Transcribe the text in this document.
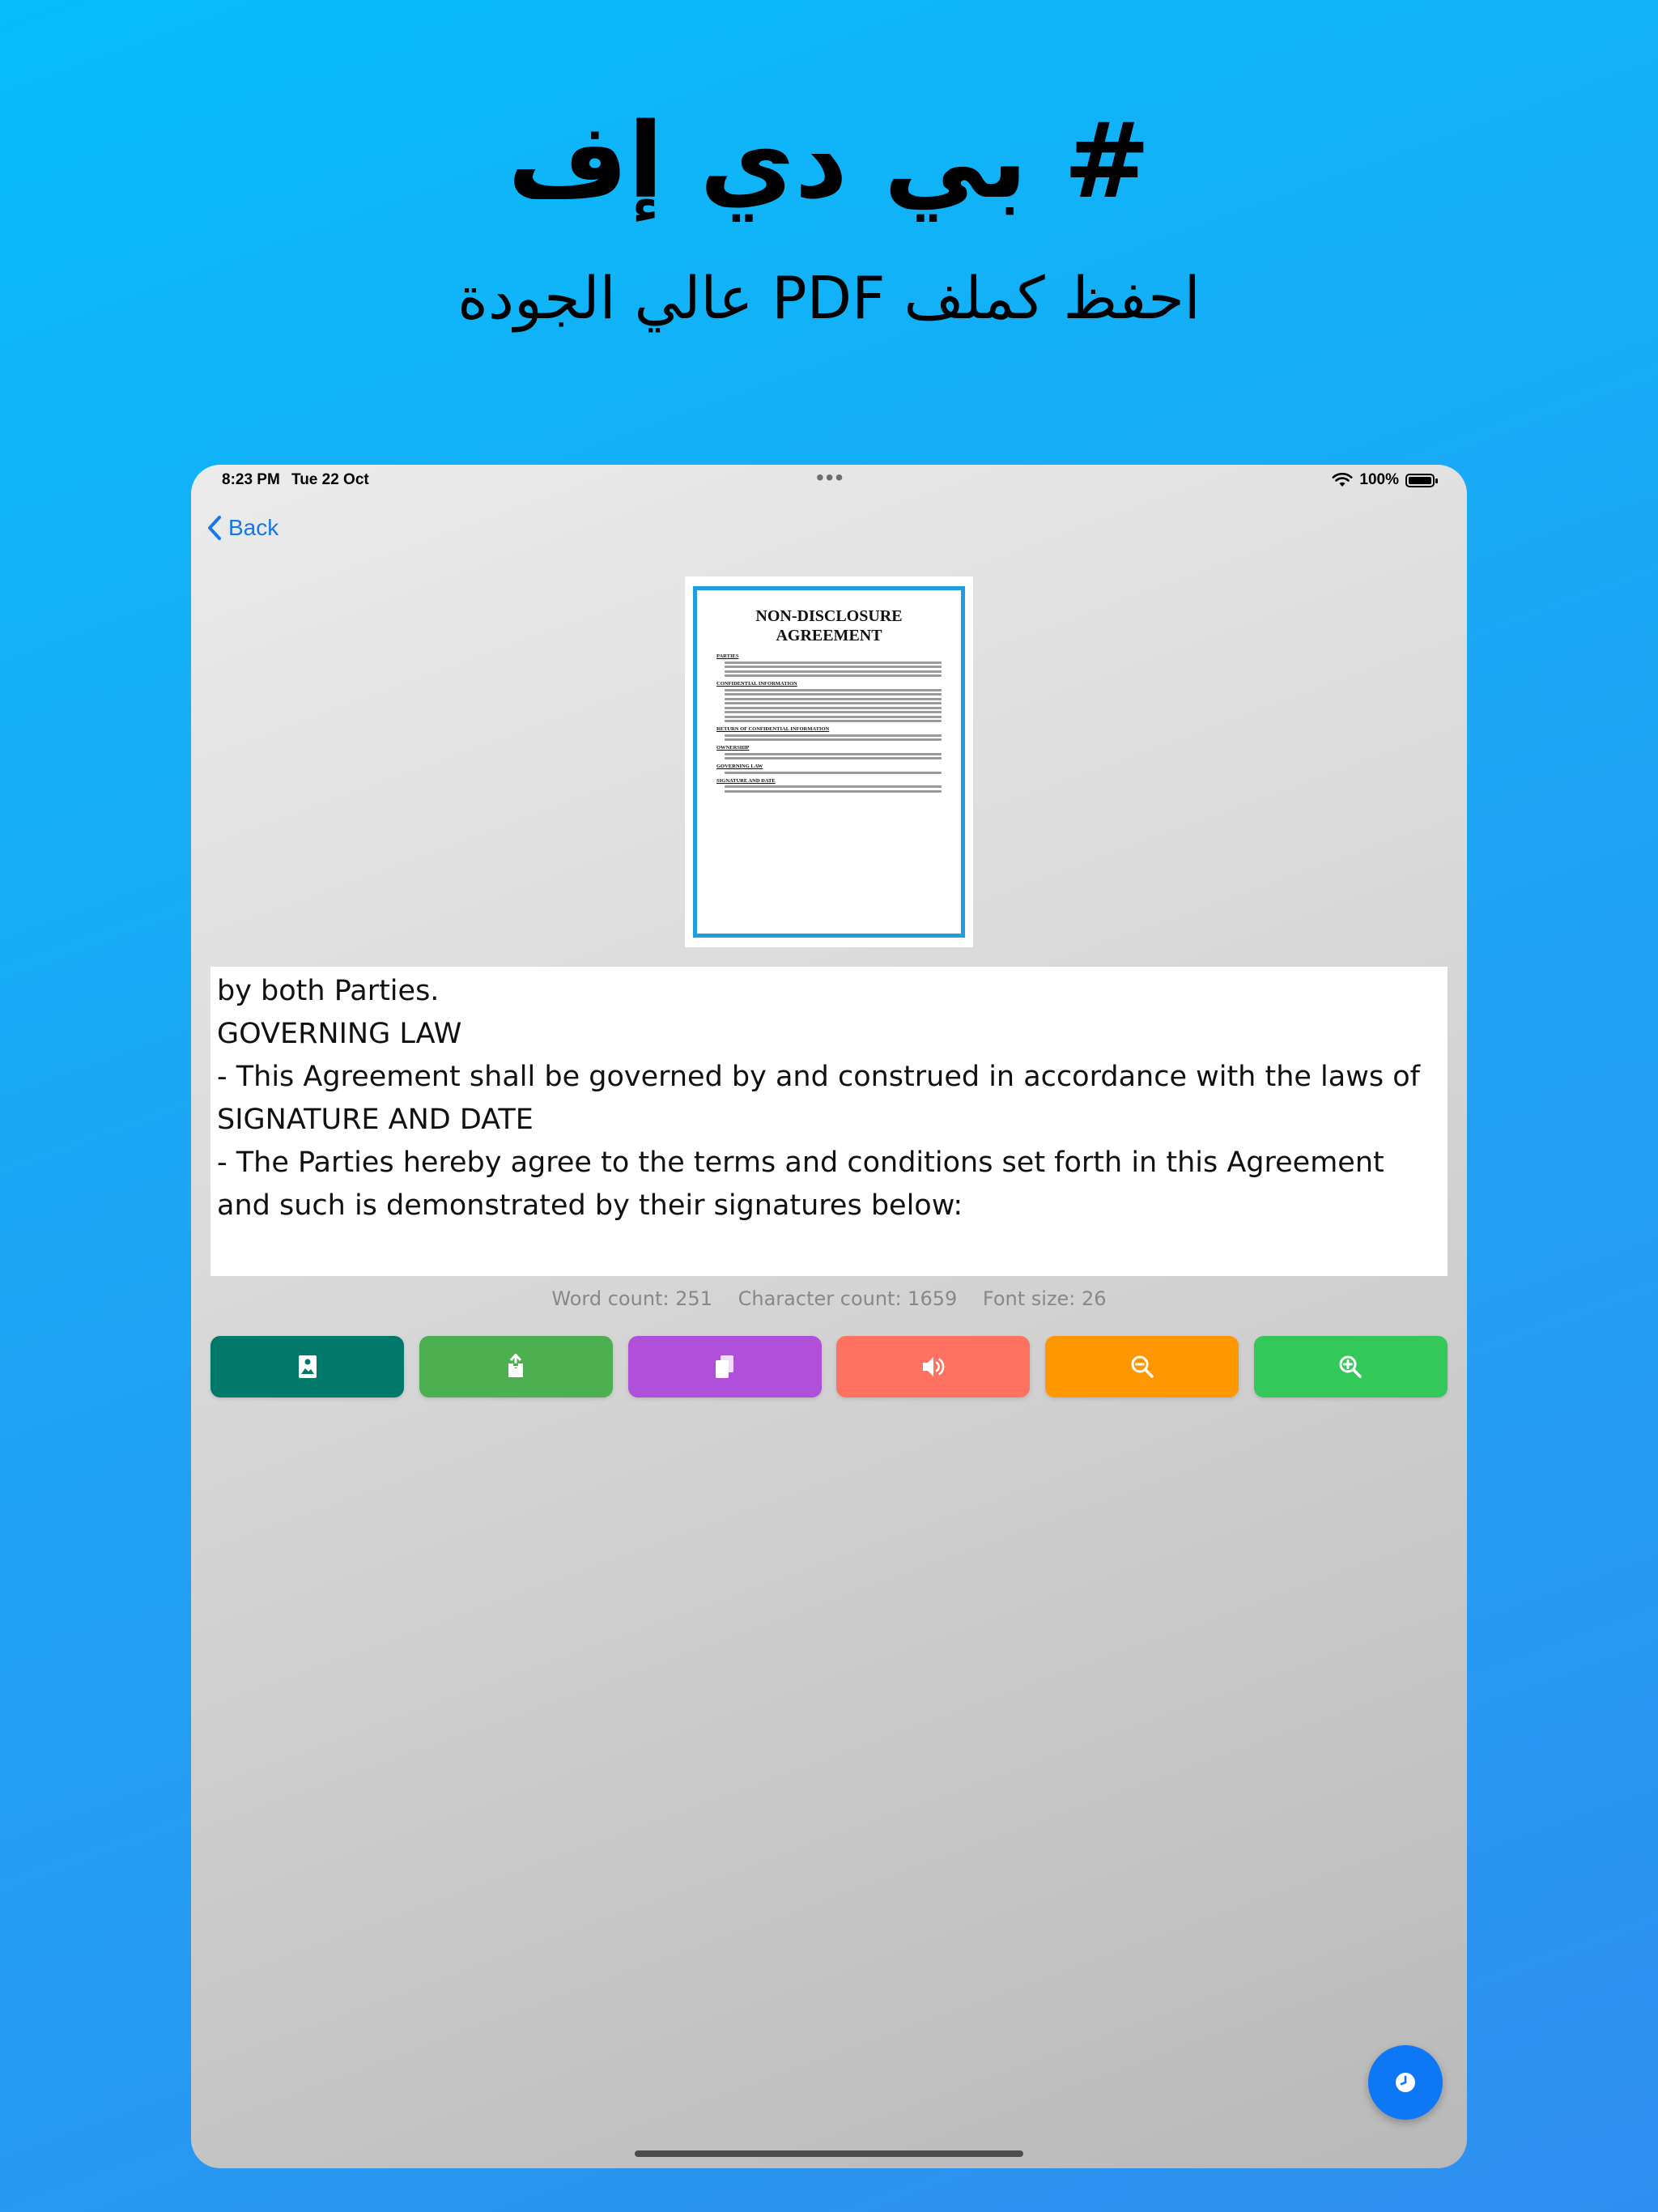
# بي دي إف
احفظ كملف PDF عالي الجودة
8:23 PM Tue 22 Oct	•••	100%
Back
NON-DISCLOSURE
AGREEMENT
PARTIES
CONFIDENTIAL INFORMATION
RETURN OF CONFIDENTIAL INFORMATION
OWNERSHIP
GOVERNING LAW
SIGNATURE AND DATE
by both Parties.
GOVERNING LAW
- This Agreement shall be governed by and construed in accordance with the laws of
SIGNATURE AND DATE
- The Parties hereby agree to the terms and conditions set forth in this Agreement and such is demonstrated by their signatures below:
Word count: 251 Character count: 1659 Font size: 26
